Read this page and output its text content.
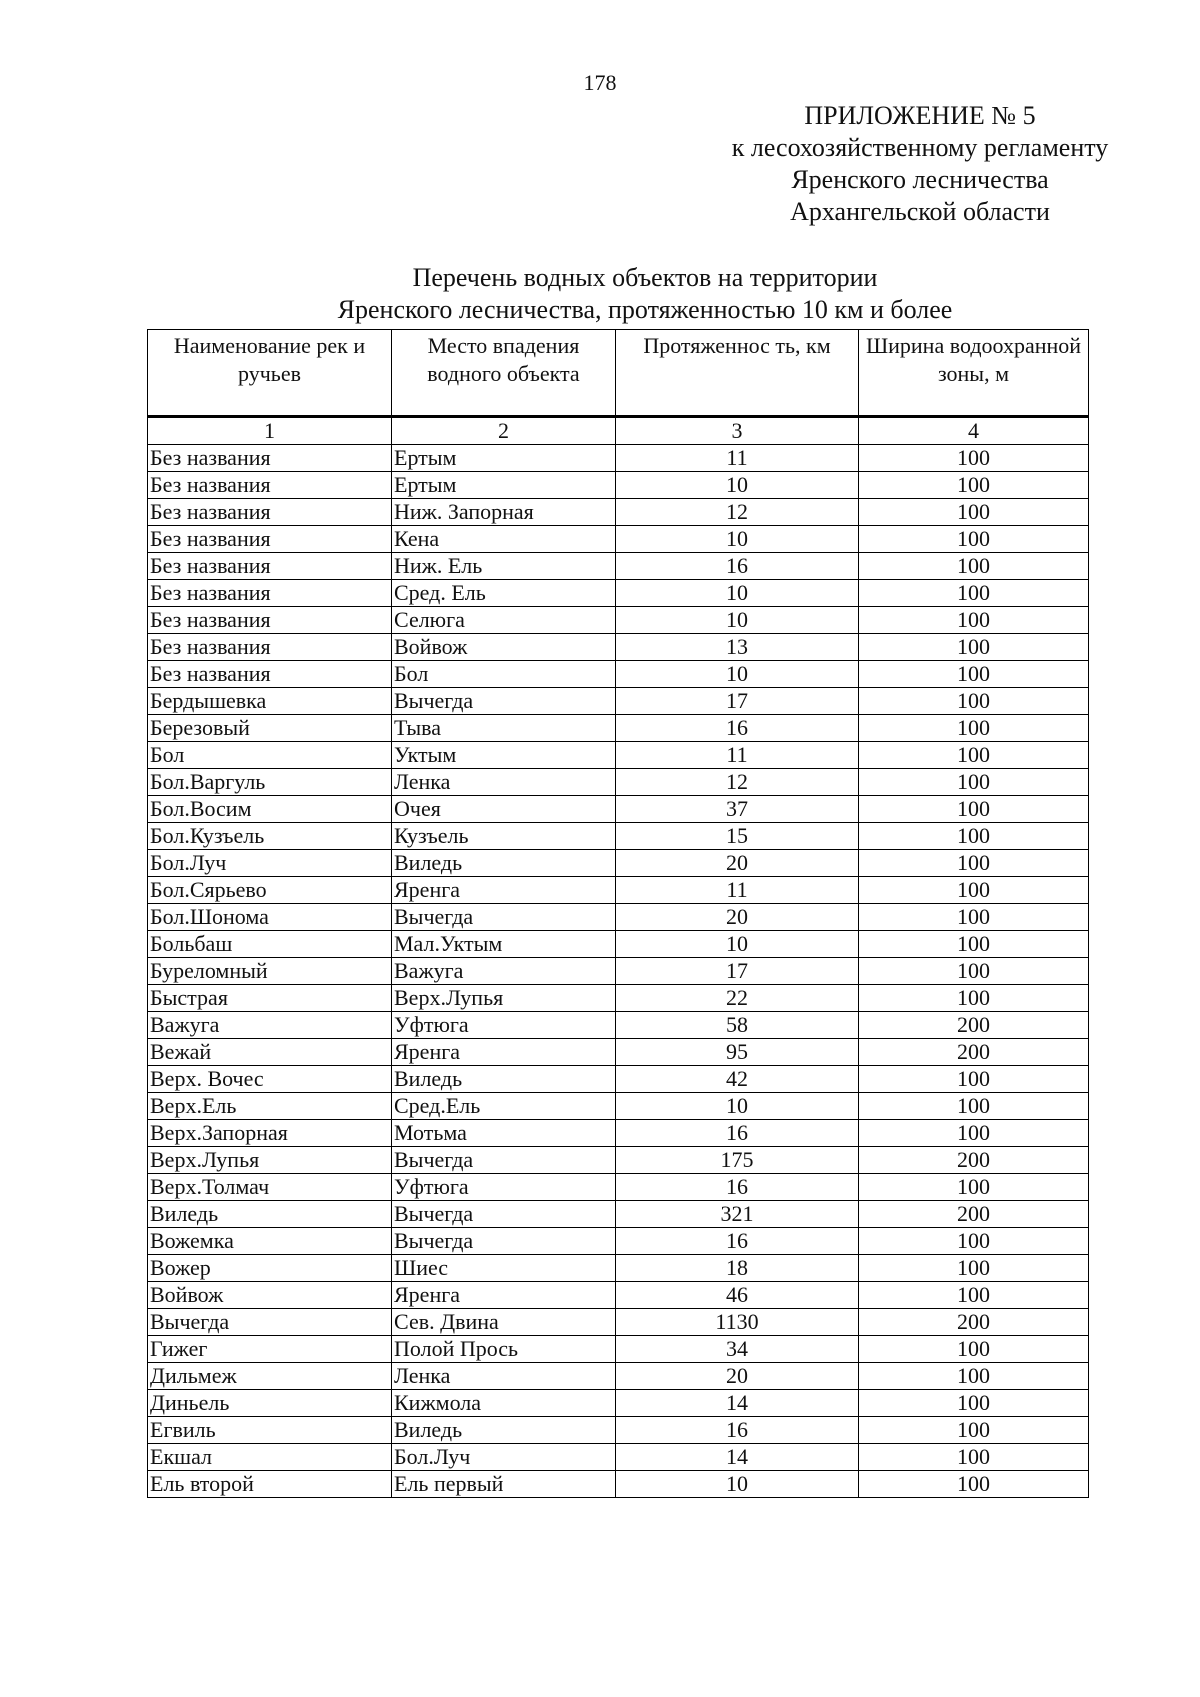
178
ПРИЛОЖЕНИЕ № 5
к лесохозяйственному регламенту
Яренского лесничества
Архангельской области
Перечень водных объектов на территории
Яренского лесничества, протяженностью 10 км и более
Наименование рек и ручьев	Место впадения водного объекта	Протяженнос ть, км	Ширина водоохранной зоны, м
1	2	3	4
Без названия	Ертым	11	100
Без названия	Ертым	10	100
Без названия	Ниж. Запорная	12	100
Без названия	Кена	10	100
Без названия	Ниж. Ель	16	100
Без названия	Сред. Ель	10	100
Без названия	Селюга	10	100
Без названия	Войвож	13	100
Без названия	Бол	10	100
Бердышевка	Вычегда	17	100
Березовый	Тыва	16	100
Бол	Уктым	11	100
Бол.Варгуль	Ленка	12	100
Бол.Восим	Очея	37	100
Бол.Кузъель	Кузъель	15	100
Бол.Луч	Виледь	20	100
Бол.Сярьево	Яренга	11	100
Бол.Шонома	Вычегда	20	100
Больбаш	Мал.Уктым	10	100
Буреломный	Важуга	17	100
Быстрая	Верх.Лупья	22	100
Важуга	Уфтюга	58	200
Вежай	Яренга	95	200
Верх. Вочес	Виледь	42	100
Верх.Ель	Сред.Ель	10	100
Верх.Запорная	Мотьма	16	100
Верх.Лупья	Вычегда	175	200
Верх.Толмач	Уфтюга	16	100
Виледь	Вычегда	321	200
Вожемка	Вычегда	16	100
Вожер	Шиес	18	100
Войвож	Яренга	46	100
Вычегда	Сев. Двина	1130	200
Гижег	Полой Прось	34	100
Дильмеж	Ленка	20	100
Диньель	Кижмола	14	100
Егвиль	Виледь	16	100
Екшал	Бол.Луч	14	100
Ель второй	Ель первый	10	100
